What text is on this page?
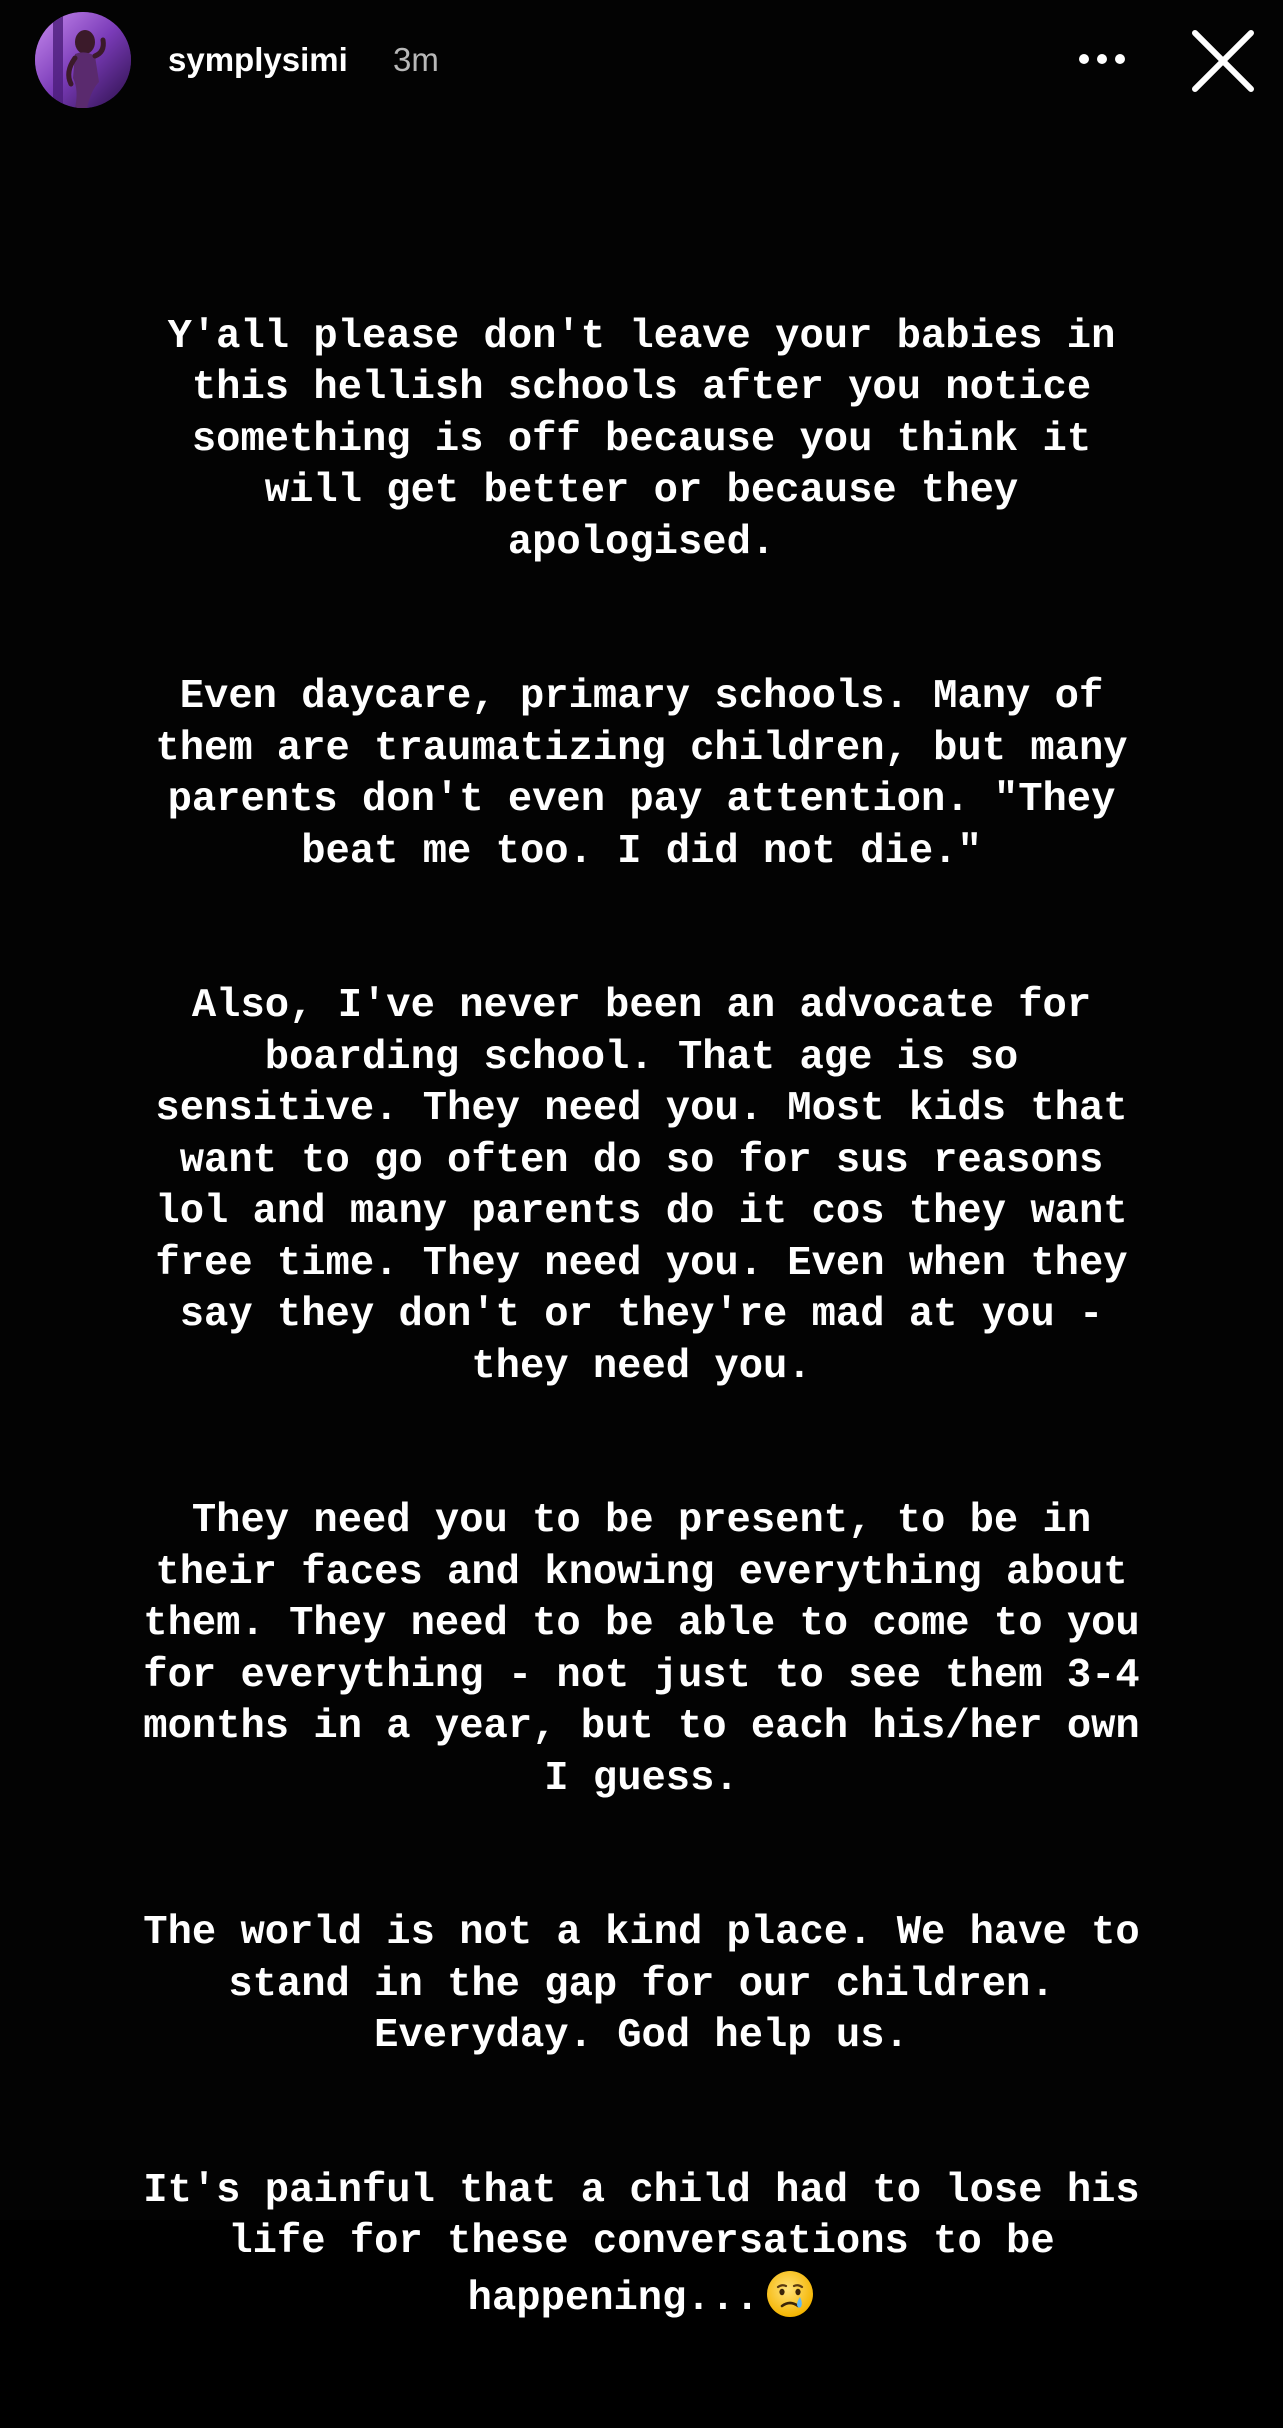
symplysimi 3m

Y'all please don't leave your babies in
this hellish schools after you notice
something is off because you think it
will get better or because they
apologised.

Even daycare, primary schools. Many of
them are traumatizing children, but many
parents don't even pay attention. "They
beat me too. I did not die."

Also, I've never been an advocate for
boarding school. That age is so
sensitive. They need you. Most kids that
want to go often do so for sus reasons
lol and many parents do it cos they want
free time. They need you. Even when they
say they don't or they're mad at you -
they need you.

They need you to be present, to be in
their faces and knowing everything about
them. They need to be able to come to you
for everything - not just to see them 3-4
months in a year, but to each his/her own
I guess.

The world is not a kind place. We have to
stand in the gap for our children.
Everyday. God help us.

It's painful that a child had to lose his
life for these conversations to be
happening...
